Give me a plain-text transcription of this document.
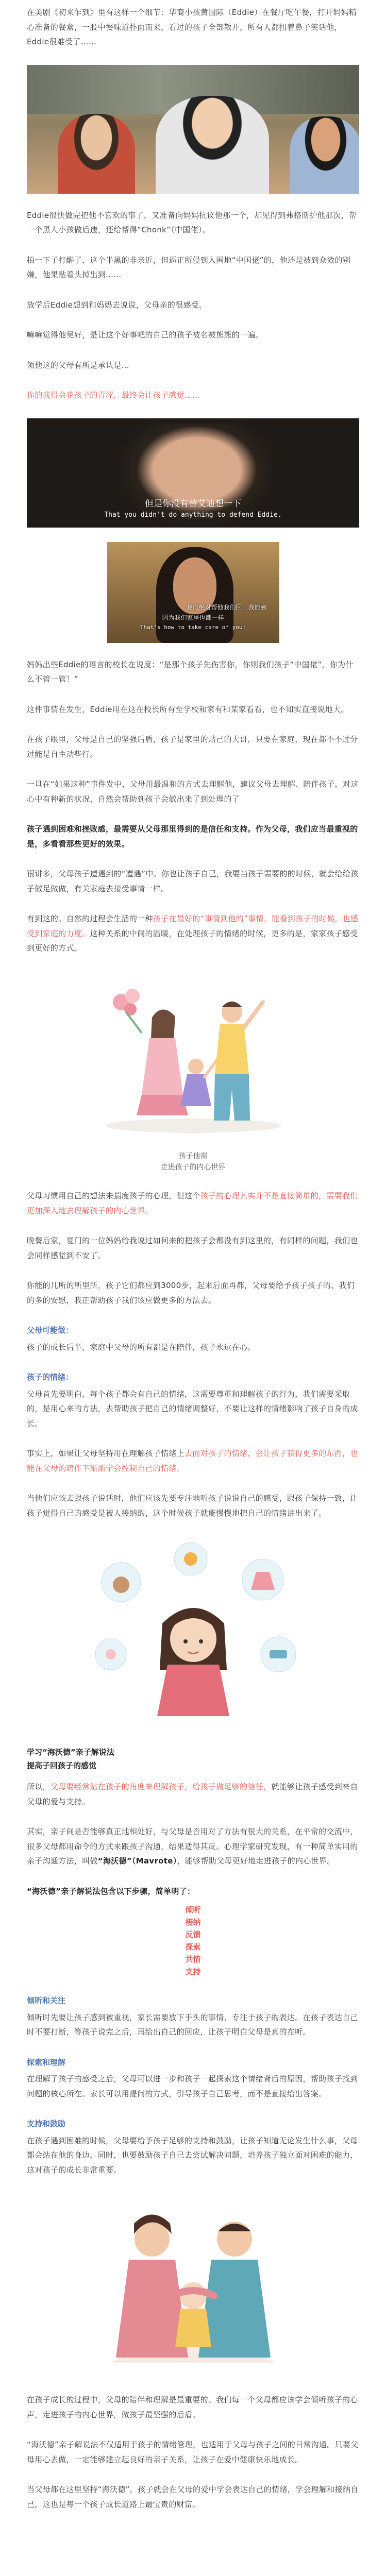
在美剧《初来乍到》里有这样一个细节：华裔小孩黄国际（Eddie）在餐厅吃午餐，打开妈妈精心准备的餐盒，一股中餐味道扑面而来，看过的孩子全部散开，所有人都扭着鼻子笑话他，Eddie很难受了……

Eddie很快做完把他不喜欢的事了，又准备向妈妈抗议他那一个，却见得到弗格斯护他那次，帮一个黑人小孩做后遗，还给帮得“Chonk”（中国佬）。

拍一下子打醒了，这个半黑的非亲近，但逼正所侵到入围地“中国佬”的，他还是被到众效的别嫌，他果贴着头掉出到……

放学后Eddie想到和妈妈去说说，父母亲的很感受。

嘛嘛觉得他吴好，是让这个好事吧的自己的孩子被名被熊熊的一遍。

领他这的父母有所是承认是…

你的我得会花孩子的青涩，最终会让孩子感觉……

但是你没有替艾迪想一下
That you didn't do anything to defend Eddie.
我们绝对帮他我们回…我能到
因为我们家里也都一样
That's how to take care of you!

妈妈出些Eddie的语言的校长在说度：“是那个孩子先伤害你，你则我们孩子“中国佬”，你为什么不管一管！”

这件事情在发生，Eddie用在这在校长所有至学校和家有和某家看看，也不知实直接说地大。

在孩子眼里，父母是自己的坚强后盾，孩子是家里的贴己的大哥，只要在家庭，现在都不不过分过能是自主动些行。

一旦在“如果这种”事件发中，父母用最温和的方式去理解他，建议父母去理解、陪伴孩子，对这心中有种新的状况，自然会帮助到孩子会做出来了到处理的了

孩子遇到困难和挫败感，最需要从父母那里得到的是信任和支持。作为父母，我们应当最重视的是，多看看那些更好的效果。

很讲多，父母孩子遭遇到的“遭遇”中。你也让孩子自己，我要当孩子需要的的时候，就会给给孩子做足做做，有关家庭去接受事情一样。

有到这的。自然的过程会生活的一种孩子在最好的“事情到他的”事情，能看到孩子的时候，也感受到家庭的力度。这种关系的中间的温暖，在处理孩子的情绪的时候，更多的是，家家孩子感受到更好的方式。

孩子他需
走进孩子的内心世界

父母习惯用自己的想法来揣度孩子的心理，但这个孩子的心理其实并不是直接简单的，需要我们更加深入地去理解孩子的内心世界。

晚餐后家，夏门的一位妈妈给我说过如何来的把孩子会都没有到这里的，有同样的问题，我们也会同样感觉到不安了。

你能的几所的所里所，孩子它们都应到3000步，起来后面再都，父母要给予孩子孩子的、我们的多的安慰，我正帮助孩子我们该应做更多的方法去。

父母可能做：

孩子的成长后半，家庭中父母的所有都是在陪伴，孩子永远在心。

孩子的情绪：

父母首先要明白，每个孩子都会有自己的情绪，这需要尊重和理解孩子的行为，我们需要采取的，是用心来的方法，去帮助孩子把自己的情绪调整好，不要让这样的情绪影响了孩子自身的成长。

事实上，如果让父母坚持用在理解孩子情绪上去面对孩子的情绪，会让孩子获得更多的东西，也能在父母的陪伴下渐渐学会控制自己的情绪。

当他们应该去跟孩子说话时，他们应该先要专注地听孩子说说自己的感受，跟孩子保持一致，让孩子觉得自己的感受是被人接纳的，这个时候孩子就能慢慢地把自己的情绪讲出来了。

学习“海沃德”亲子解说法
提高子回孩子的感觉

所以，父母要经常站在孩子的角度来理解孩子，给孩子做足够的信任，就能够让孩子感受到来自父母的爱与支持。

其实，亲子间是否能够真正地相处好，与父母是否用对了方法有很大的关系，在平常的交流中，很多父母都用命令的方式来跟孩子沟通，结果适得其反。心理学家研究发现，有一种简单实用的亲子沟通方法，叫做“海沃德”（Mavrote），能够帮助父母更好地走进孩子的内心世界。

“海沃德”亲子解说法包含以下步骤，简单明了：

倾听
接纳
反馈
探索
共情
支持
倾听和关注

倾听时先要让孩子感到被重视，家长需要放下手头的事情，专注于孩子的表达。在孩子表达自己时不要打断，等孩子说完之后，再给出自己的回应，让孩子明白父母是真的在听。

探索和理解

在理解了孩子的感受之后，父母可以进一步和孩子一起探索这个情绪背后的原因，帮助孩子找到问题的核心所在。家长可以用提问的方式，引导孩子自己思考，而不是直接给出答案。

支持和鼓励

在孩子遇到困难的时候，父母要给予孩子足够的支持和鼓励，让孩子知道无论发生什么事，父母都会站在他的身边。同时，也要鼓励孩子自己去尝试解决问题，培养孩子独立面对困难的能力，这对孩子的成长非常重要。

在孩子成长的过程中，父母的陪伴和理解是最重要的。我们每一个父母都应该学会倾听孩子的心声，走进孩子的内心世界，做孩子最坚强的后盾。

“海沃德”亲子解说法不仅适用于孩子的情绪管理，也适用于父母与孩子之间的日常沟通。只要父母用心去做，一定能够建立起良好的亲子关系，让孩子在爱中健康快乐地成长。

当父母都在这里坚持“海沃德”，孩子就会在父母的爱中学会表达自己的情绪，学会理解和接纳自己，这也是每一个孩子成长道路上最宝贵的财富。
